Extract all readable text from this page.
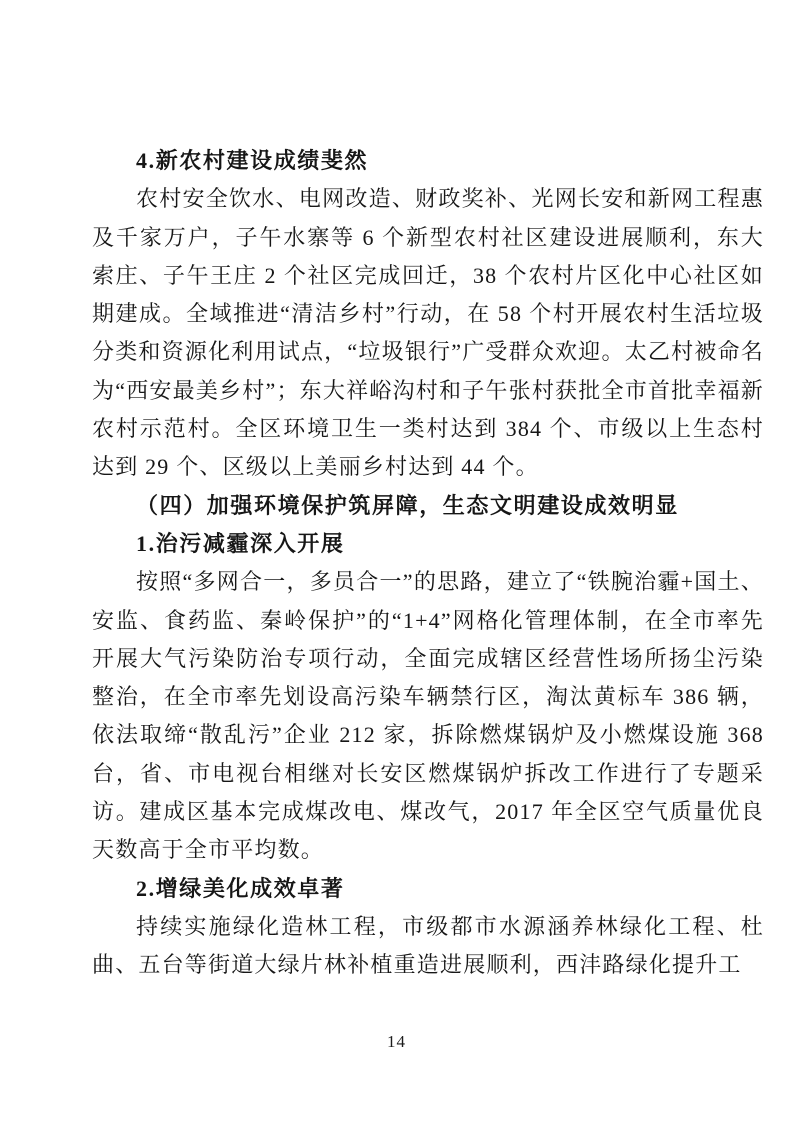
4.新农村建设成绩斐然

农村安全饮水、电网改造、财政奖补、光网长安和新网工程惠及千家万户，子午水寨等 6 个新型农村社区建设进展顺利，东大索庄、子午王庄 2 个社区完成回迁，38 个农村片区化中心社区如期建成。全域推进“清洁乡村”行动，在 58 个村开展农村生活垃圾分类和资源化利用试点，“垃圾银行”广受群众欢迎。太乙村被命名为“西安最美乡村”；东大祥峪沟村和子午张村获批全市首批幸福新农村示范村。全区环境卫生一类村达到 384 个、市级以上生态村达到 29 个、区级以上美丽乡村达到 44 个。

（四）加强环境保护筑屏障，生态文明建设成效明显
1.治污减霾深入开展

按照“多网合一，多员合一”的思路，建立了“铁腕治霾+国土、安监、食药监、秦岭保护”的“1+4”网格化管理体制，在全市率先开展大气污染防治专项行动，全面完成辖区经营性场所扬尘污染整治，在全市率先划设高污染车辆禁行区，淘汰黄标车 386 辆，依法取缔“散乱污”企业 212 家，拆除燃煤锅炉及小燃煤设施 368 台，省、市电视台相继对长安区燃煤锅炉拆改工作进行了专题采访。建成区基本完成煤改电、煤改气，2017 年全区空气质量优良天数高于全市平均数。

2.增绿美化成效卓著

持续实施绿化造林工程，市级都市水源涵养林绿化工程、杜曲、五台等街道大绿片林补植重造进展顺利，西沣路绿化提升工

14
